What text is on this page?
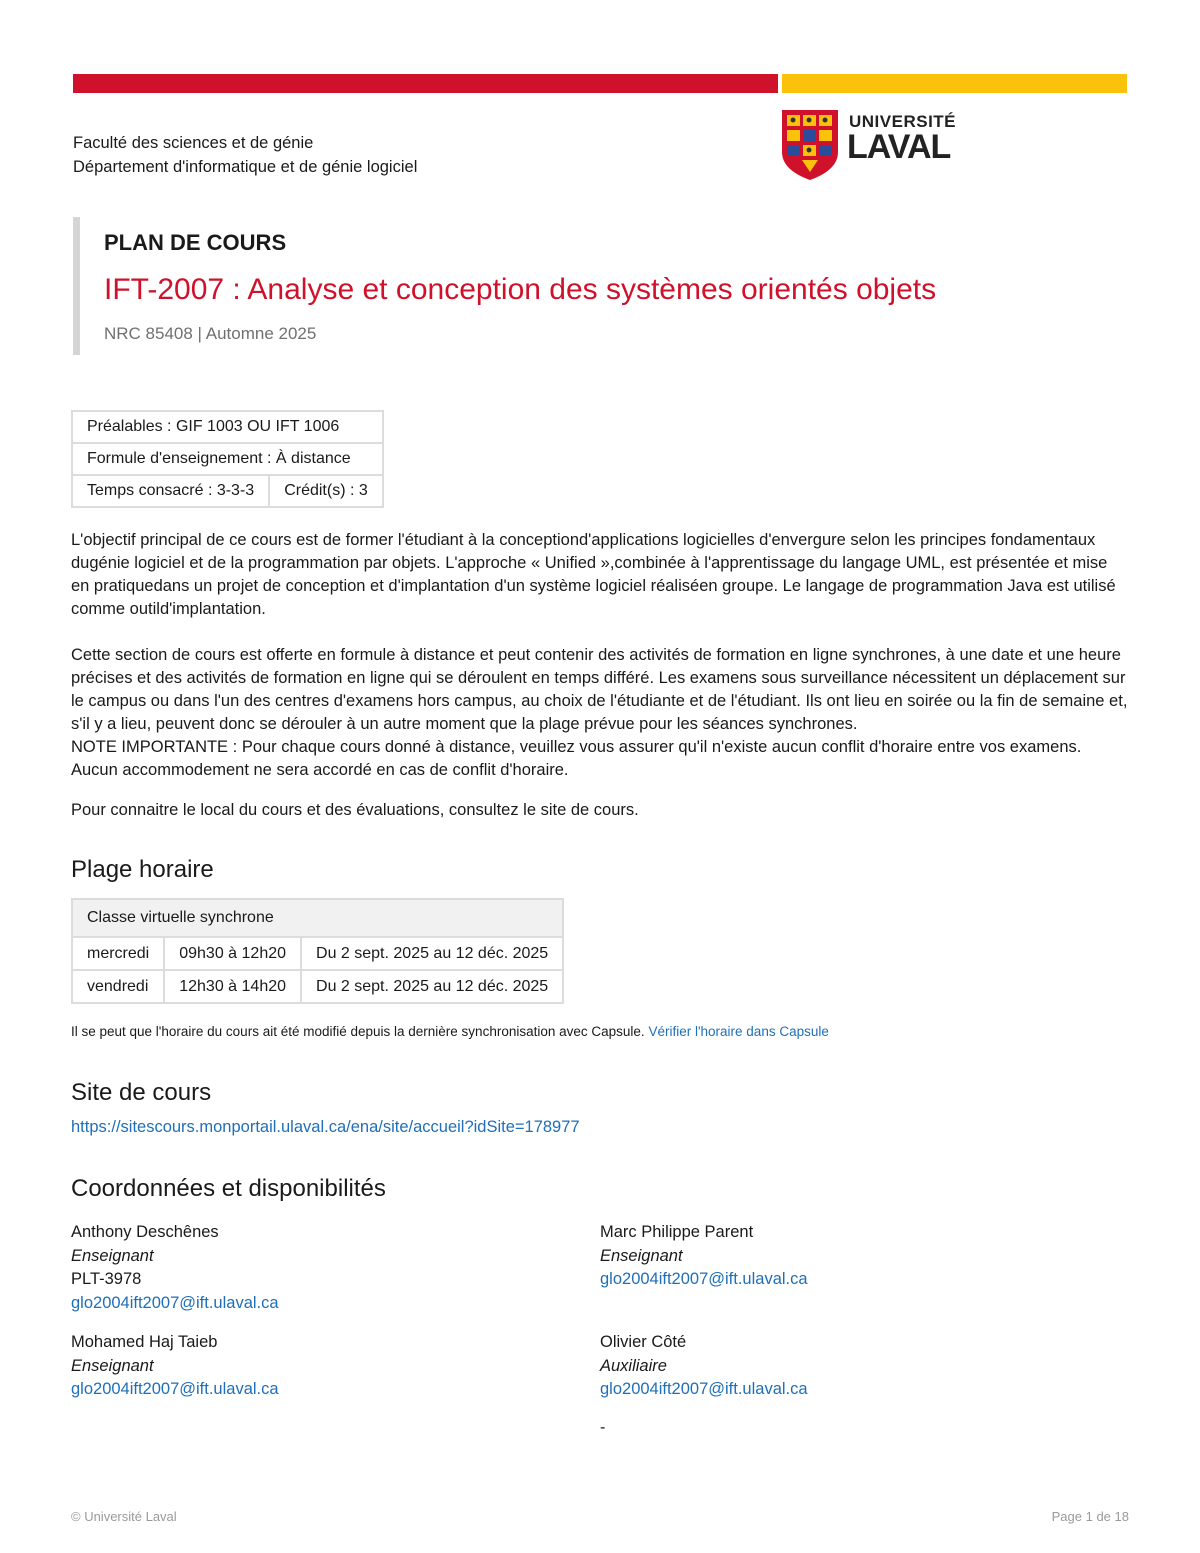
Faculté des sciences et de génie
Département d'informatique et de génie logiciel
UNIVERSITÉ
LAVAL
PLAN DE COURS
IFT-2007 : Analyse et conception des systèmes orientés objets
NRC 85408 | Automne 2025
Préalables : GIF 1003 OU IFT 1006
Formule d'enseignement : À distance
Temps consacré : 3-3-3	Crédit(s) : 3
L'objectif principal de ce cours est de former l'étudiant à la conceptiond'applications logicielles d'envergure selon les principes fondamentaux dugénie logiciel et de la programmation par objets. L'approche « Unified »,combinée à l'apprentissage du langage UML, est présentée et mise en pratiquedans un projet de conception et d'implantation d'un système logiciel réaliséen groupe. Le langage de programmation Java est utilisé comme outild'implantation.
Cette section de cours est offerte en formule à distance et peut contenir des activités de formation en ligne synchrones, à une date et une heure précises et des activités de formation en ligne qui se déroulent en temps différé. Les examens sous surveillance nécessitent un déplacement sur le campus ou dans l'un des centres d'examens hors campus, au choix de l'étudiante et de l'étudiant. Ils ont lieu en soirée ou la fin de semaine et, s'il y a lieu, peuvent donc se dérouler à un autre moment que la plage prévue pour les séances synchrones.
NOTE IMPORTANTE : Pour chaque cours donné à distance, veuillez vous assurer qu'il n'existe aucun conflit d'horaire entre vos examens. Aucun accommodement ne sera accordé en cas de conflit d'horaire.
Pour connaitre le local du cours et des évaluations, consultez le site de cours.
Plage horaire
Classe virtuelle synchrone		
mercredi	09h30 à 12h20	Du 2 sept. 2025 au 12 déc. 2025
vendredi	12h30 à 14h20	Du 2 sept. 2025 au 12 déc. 2025
Il se peut que l'horaire du cours ait été modifié depuis la dernière synchronisation avec Capsule. Vérifier l'horaire dans Capsule
Site de cours
https://sitescours.monportail.ulaval.ca/ena/site/accueil?idSite=178977
Coordonnées et disponibilités
Anthony Deschênes
Enseignant
PLT-3978
glo2004ift2007@ift.ulaval.ca
Marc Philippe Parent
Enseignant
glo2004ift2007@ift.ulaval.ca
Mohamed Haj Taieb
Enseignant
glo2004ift2007@ift.ulaval.ca
Olivier Côté
Auxiliaire
glo2004ift2007@ift.ulaval.ca
-
© Université Laval	Page 1 de 18
